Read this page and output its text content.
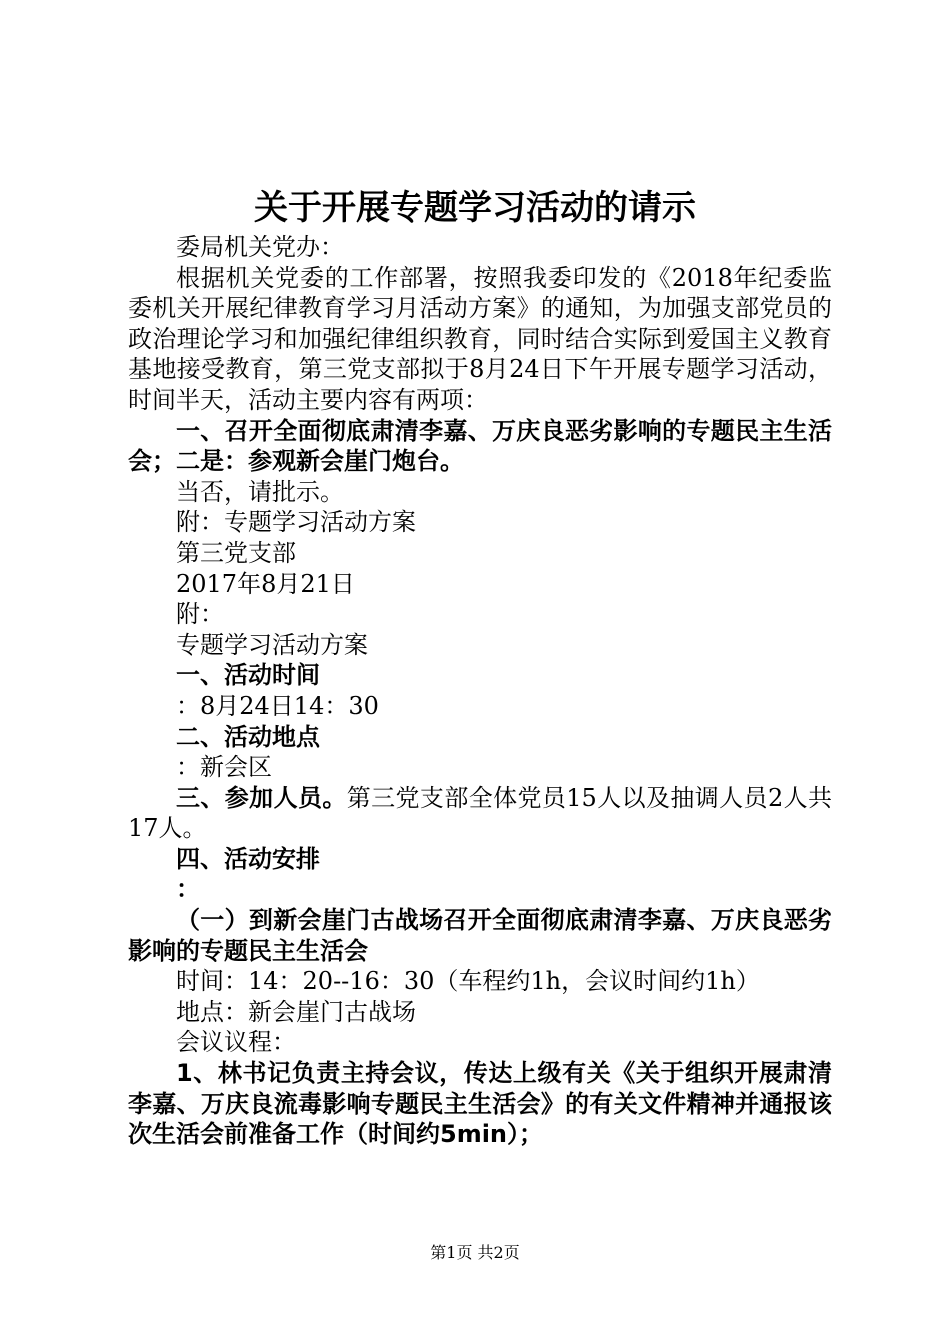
关于开展专题学习活动的请示

委局机关党办：

根据机关党委的工作部署，按照我委印发的《2018年纪委监委机关开展纪律教育学习月活动方案》的通知，为加强支部党员的政治理论学习和加强纪律组织教育，同时结合实际到爱国主义教育基地接受教育，第三党支部拟于8月24日下午开展专题学习活动，时间半天，活动主要内容有两项：

一、召开全面彻底肃清李嘉、万庆良恶劣影响的专题民主生活会；二是：参观新会崖门炮台。

当否，请批示。

附：专题学习活动方案

第三党支部

2017年8月21日

附：

专题学习活动方案

一、活动时间

：8月24日14：30

二、活动地点

：新会区

三、参加人员。第三党支部全体党员15人以及抽调人员2人共17人。

四、活动安排

：

（一）到新会崖门古战场召开全面彻底肃清李嘉、万庆良恶劣影响的专题民主生活会

时间：14：20--16：30（车程约1h，会议时间约1h）

地点：新会崖门古战场

会议议程：

1、林书记负责主持会议，传达上级有关《关于组织开展肃清李嘉、万庆良流毒影响专题民主生活会》的有关文件精神并通报该次生活会前准备工作（时间约5min）；

第1页 共2页
